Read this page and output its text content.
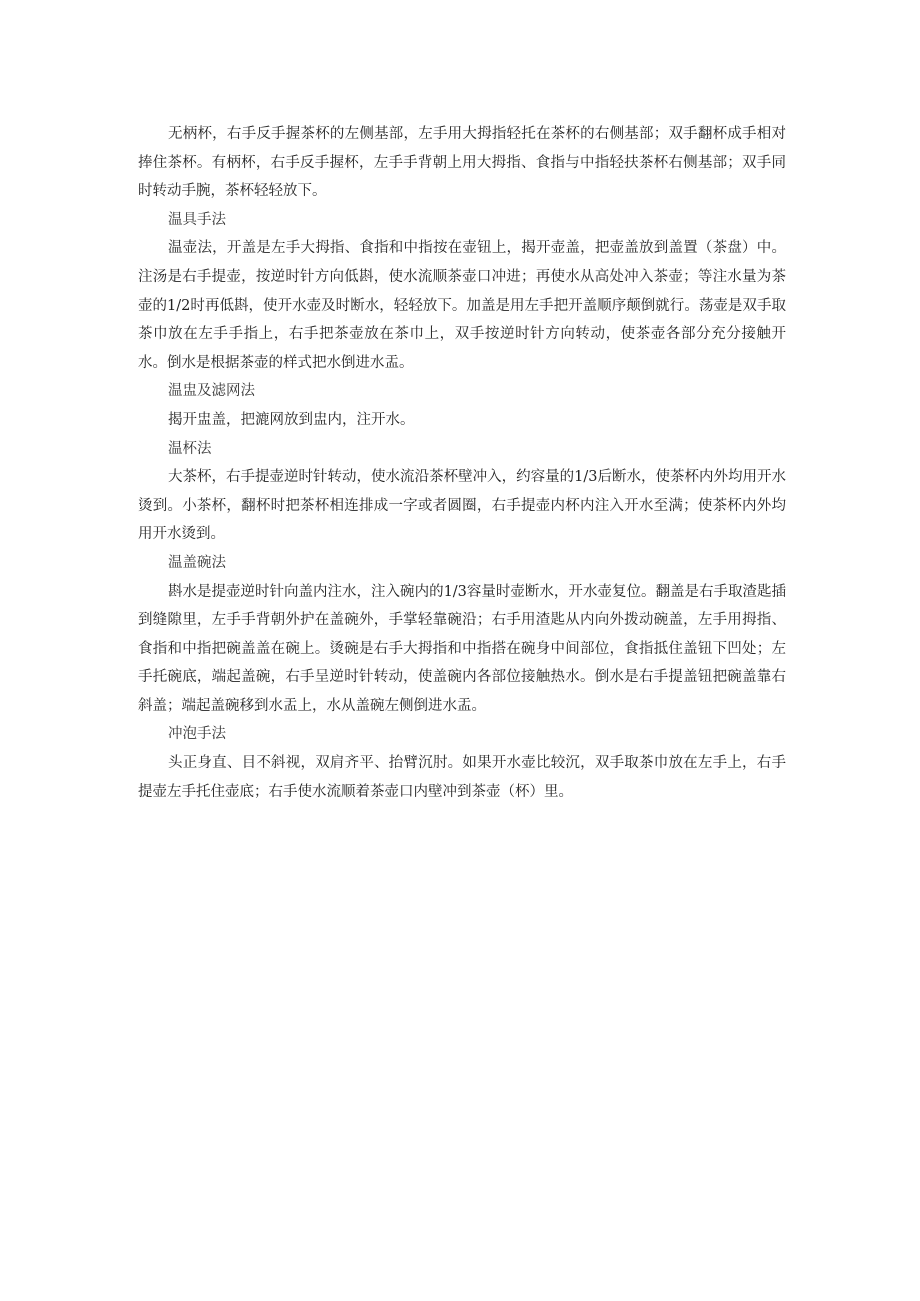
无柄杯，右手反手握茶杯的左侧基部，左手用大拇指轻托在茶杯的右侧基部；双手翻杯成手相对捧住茶杯。有柄杯，右手反手握杯，左手手背朝上用大拇指、食指与中指轻扶茶杯右侧基部；双手同时转动手腕，茶杯轻轻放下。

温具手法

温壶法，开盖是左手大拇指、食指和中指按在壶钮上，揭开壶盖，把壶盖放到盖置（茶盘）中。注汤是右手提壶，按逆时针方向低斟，使水流顺茶壶口冲进；再使水从高处冲入茶壶；等注水量为茶壶的1/2时再低斟，使开水壶及时断水，轻轻放下。加盖是用左手把开盖顺序颠倒就行。荡壶是双手取茶巾放在左手手指上，右手把茶壶放在茶巾上，双手按逆时针方向转动，使茶壶各部分充分接触开水。倒水是根据茶壶的样式把水倒进水盂。

温盅及滤网法

揭开盅盖，把漉网放到盅内，注开水。

温杯法

大茶杯，右手提壶逆时针转动，使水流沿茶杯壁冲入，约容量的1/3后断水，使茶杯内外均用开水烫到。小茶杯，翻杯时把茶杯相连排成一字或者圆圈，右手提壶内杯内注入开水至满；使茶杯内外均用开水烫到。

温盖碗法

斟水是提壶逆时针向盖内注水，注入碗内的1/3容量时壶断水，开水壶复位。翻盖是右手取渣匙插到缝隙里，左手手背朝外护在盖碗外，手掌轻靠碗沿；右手用渣匙从内向外拨动碗盖，左手用拇指、食指和中指把碗盖盖在碗上。烫碗是右手大拇指和中指搭在碗身中间部位，食指抵住盖钮下凹处；左手托碗底，端起盖碗，右手呈逆时针转动，使盖碗内各部位接触热水。倒水是右手提盖钮把碗盖靠右斜盖；端起盖碗移到水盂上，水从盖碗左侧倒进水盂。

冲泡手法

头正身直、目不斜视，双肩齐平、抬臂沉肘。如果开水壶比较沉，双手取茶巾放在左手上，右手提壶左手托住壶底；右手使水流顺着茶壶口内壁冲到茶壶（杯）里。
